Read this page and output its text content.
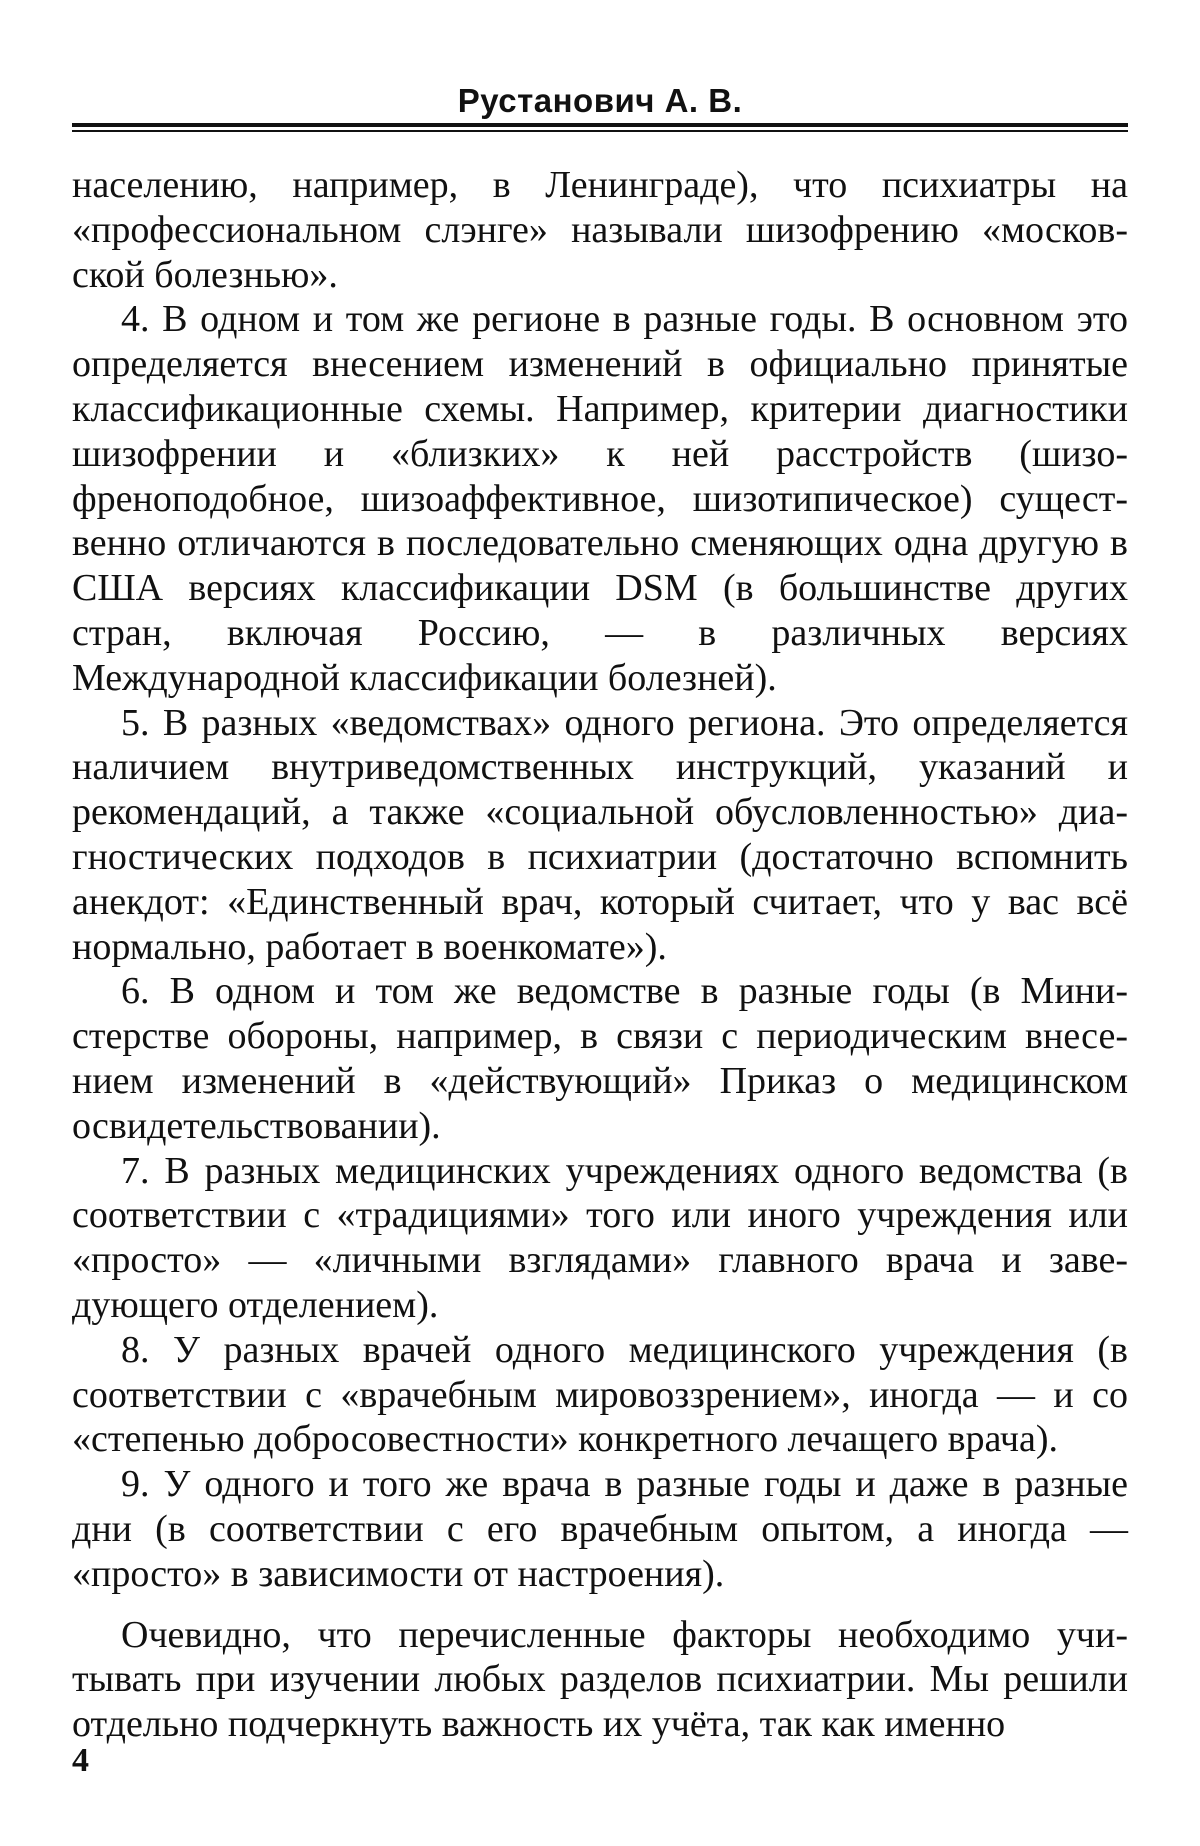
Рустанович А. В.

населению, например, в Ленинграде), что психиатры на «профессиональном слэнге» называли шизофрению «московской болезнью».

4. В одном и том же регионе в разные годы. В основном это определяется внесением изменений в официально принятые классификационные схемы. Например, критерии диагностики шизофрении и «близких» к ней расстройств (шизофреноподобное, шизоаффективное, шизотипическое) существенно отличаются в последовательно сменяющих одна другую в США версиях классификации DSM (в большинстве других стран, включая Россию, — в различных версиях Международной классификации болезней).

5. В разных «ведомствах» одного региона. Это определяется наличием внутриведомственных инструкций, указаний и рекомендаций, а также «социальной обусловленностью» диагностических подходов в психиатрии (достаточно вспомнить анекдот: «Единственный врач, который считает, что у вас всё нормально, работает в военкомате»).

6. В одном и том же ведомстве в разные годы (в Министерстве обороны, например, в связи с периодическим внесением изменений в «действующий» Приказ о медицинском освидетельствовании).

7. В разных медицинских учреждениях одного ведомства (в соответствии с «традициями» того или иного учреждения или «просто» — «личными взглядами» главного врача и заведующего отделением).

8. У разных врачей одного медицинского учреждения (в соответствии с «врачебным мировоззрением», иногда — и со «степенью добросовестности» конкретного лечащего врача).

9. У одного и того же врача в разные годы и даже в разные дни (в соответствии с его врачебным опытом, а иногда — «просто» в зависимости от настроения).

Очевидно, что перечисленные факторы необходимо учитывать при изучении любых разделов психиатрии. Мы решили отдельно подчеркнуть важность их учёта, так как именно

4
